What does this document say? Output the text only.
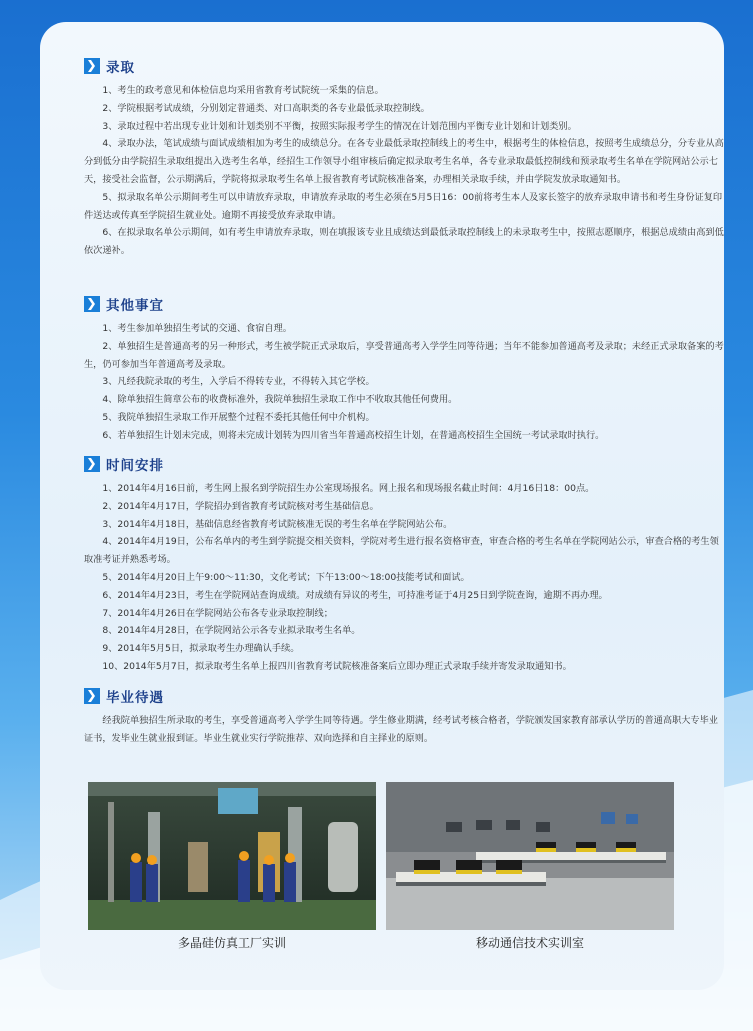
录取

1、考生的政考意见和体检信息均采用省教育考试院统一采集的信息。

2、学院根据考试成绩，分别划定普通类、对口高职类的各专业最低录取控制线。

3、录取过程中若出现专业计划和计划类别不平衡，按照实际报考学生的情况在计划范围内平衡专业计划和计划类别。

4、录取办法，笔试成绩与面试成绩相加为考生的成绩总分。在各专业最低录取控制线上的考生中，根据考生的体检信息，按照考生成绩总分，分专业从高分到低分由学院招生录取组提出入选考生名单，经招生工作领导小组审核后确定拟录取考生名单，各专业录取最低控制线和预录取考生名单在学院网站公示七天，接受社会监督，公示期满后，学院将拟录取考生名单上报省教育考试院核准备案，办理相关录取手续，并由学院发放录取通知书。

5、拟录取名单公示期间考生可以申请放弃录取，申请放弃录取的考生必须在5月5日16：00前将考生本人及家长签字的放弃录取申请书和考生身份证复印件送达或传真至学院招生就业处。逾期不再接受放弃录取申请。

6、在拟录取名单公示期间，如有考生申请放弃录取，则在填报该专业且成绩达到最低录取控制线上的未录取考生中，按照志愿顺序，根据总成绩由高到低依次递补。

其他事宜

1、考生参加单独招生考试的交通、食宿自理。

2、单独招生是普通高考的另一种形式，考生被学院正式录取后，享受普通高考入学学生同等待遇；当年不能参加普通高考及录取；未经正式录取备案的考生，仍可参加当年普通高考及录取。

3、凡经我院录取的考生，入学后不得转专业，不得转入其它学校。

4、除单独招生简章公布的收费标准外，我院单独招生录取工作中不收取其他任何费用。

5、我院单独招生录取工作开展整个过程不委托其他任何中介机构。

6、若单独招生计划未完成，则将未完成计划转为四川省当年普通高校招生计划，在普通高校招生全国统一考试录取时执行。

时间安排

1、2014年4月16日前，考生网上报名到学院招生办公室现场报名。网上报名和现场报名截止时间：4月16日18：00点。

2、2014年4月17日，学院招办到省教育考试院核对考生基础信息。

3、2014年4月18日，基础信息经省教育考试院核准无误的考生名单在学院网站公布。

4、2014年4月19日，公布名单内的考生到学院提交相关资料，学院对考生进行报名资格审查，审查合格的考生名单在学院网站公示，审查合格的考生领取准考证并熟悉考场。

5、2014年4月20日上午9:00～11:30，文化考试；下午13:00～18:00技能考试和面试。

6、2014年4月23日，考生在学院网站查询成绩。对成绩有异议的考生，可持准考证于4月25日到学院查询，逾期不再办理。

7、2014年4月26日在学院网站公布各专业录取控制线；

8、2014年4月28日，在学院网站公示各专业拟录取考生名单。

9、2014年5月5日，拟录取考生办理确认手续。

10、2014年5月7日，拟录取考生名单上报四川省教育考试院核准备案后立即办理正式录取手续并寄发录取通知书。

毕业待遇

经我院单独招生所录取的考生，享受普通高考入学学生同等待遇。学生修业期满，经考试考核合格者，学院颁发国家教育部承认学历的普通高职大专毕业证书，发毕业生就业报到证。毕业生就业实行学院推荐、双向选择和自主择业的原则。

多晶硅仿真工厂实训	移动通信技术实训室
